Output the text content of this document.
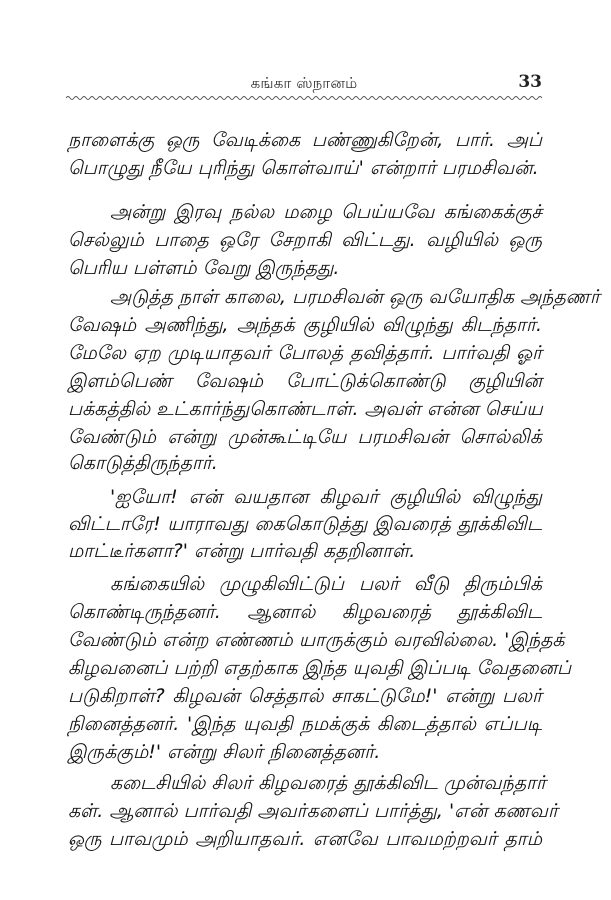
கங்கா ஸ்நானம்	33
நாளைக்கு ஒரு வேடிக்கை பண்ணுகிறேன், பார். அப்
பொழுது நீயே புரிந்து கொள்வாய்' என்றார் பரமசிவன்.
அன்று இரவு நல்ல மழை பெய்யவே கங்கைக்குச்
செல்லும் பாதை ஒரே சேறாகி விட்டது. வழியில் ஒரு
பெரிய பள்ளம் வேறு இருந்தது.
அடுத்த நாள் காலை, பரமசிவன் ஒரு வயோதிக அந்தணர்
வேஷம் அணிந்து, அந்தக் குழியில் விழுந்து கிடந்தார்.
மேலே ஏற முடியாதவர் போலத் தவித்தார். பார்வதி ஓர்
இளம்பெண் வேஷம் போட்டுக்கொண்டு குழியின்
பக்கத்தில் உட்கார்ந்துகொண்டாள். அவள் என்ன செய்ய
வேண்டும் என்று முன்கூட்டியே பரமசிவன் சொல்லிக்
கொடுத்திருந்தார்.
'ஐயோ! என் வயதான கிழவர் குழியில் விழுந்து
விட்டாரே! யாராவது கைகொடுத்து இவரைத் தூக்கிவிட
மாட்டீர்களா?' என்று பார்வதி கதறினாள்.
கங்கையில் முழுகிவிட்டுப் பலர் வீடு திரும்பிக்
கொண்டிருந்தனர். ஆனால் கிழவரைத் தூக்கிவிட
வேண்டும் என்ற எண்ணம் யாருக்கும் வரவில்லை. 'இந்தக்
கிழவனைப் பற்றி எதற்காக இந்த யுவதி இப்படி வேதனைப்
படுகிறாள்? கிழவன் செத்தால் சாகட்டுமே!' என்று பலர்
நினைத்தனர். 'இந்த யுவதி நமக்குக் கிடைத்தால் எப்படி
இருக்கும்!' என்று சிலர் நினைத்தனர்.
கடைசியில் சிலர் கிழவரைத் தூக்கிவிட முன்வந்தார்
கள். ஆனால் பார்வதி அவர்களைப் பார்த்து, 'என் கணவர்
ஒரு பாவமும் அறியாதவர். எனவே பாவமற்றவர் தாம்
